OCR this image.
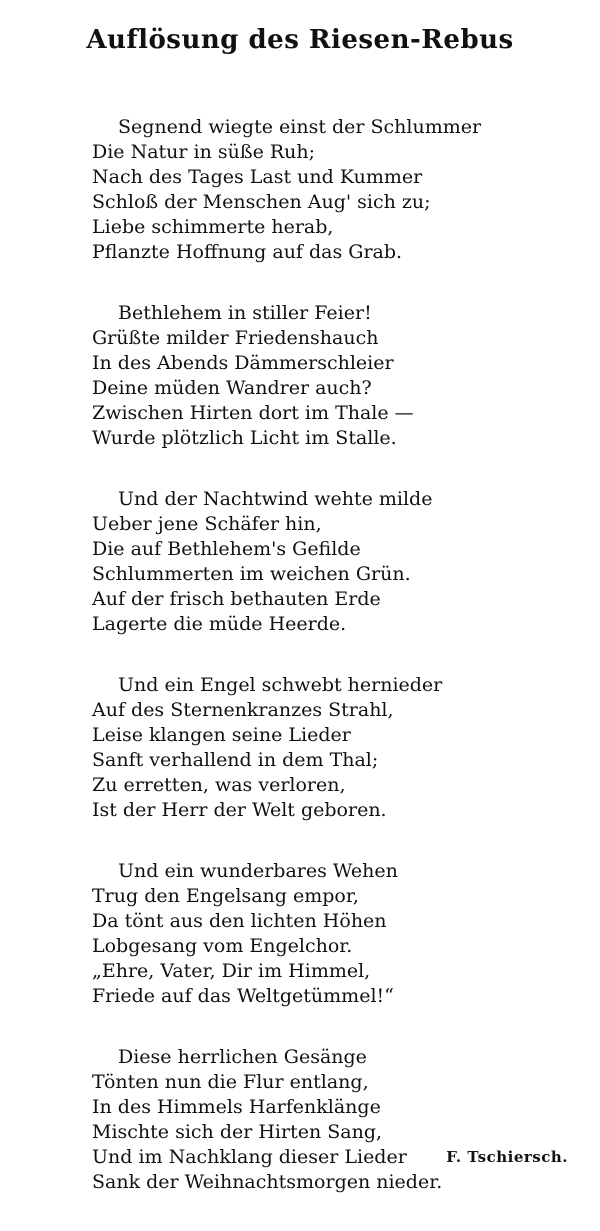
Auflösung des Riesen-Rebus
Segnend wiegte einst der Schlummer
Die Natur in süße Ruh;
Nach des Tages Last und Kummer
Schloß der Menschen Aug' sich zu;
Liebe schimmerte herab,
Pflanzte Hoffnung auf das Grab.
Bethlehem in stiller Feier!
Grüßte milder Friedenshauch
In des Abends Dämmerschleier
Deine müden Wandrer auch?
Zwischen Hirten dort im Thale —
Wurde plötzlich Licht im Stalle.
Und der Nachtwind wehte milde
Ueber jene Schäfer hin,
Die auf Bethlehem's Gefilde
Schlummerten im weichen Grün.
Auf der frisch bethauten Erde
Lagerte die müde Heerde.
Und ein Engel schwebt hernieder
Auf des Sternenkranzes Strahl,
Leise klangen seine Lieder
Sanft verhallend in dem Thal;
Zu erretten, was verloren,
Ist der Herr der Welt geboren.
Und ein wunderbares Wehen
Trug den Engelsang empor,
Da tönt aus den lichten Höhen
Lobgesang vom Engelchor.
„Ehre, Vater, Dir im Himmel,
Friede auf das Weltgetümmel!“
Diese herrlichen Gesänge
Tönten nun die Flur entlang,
In des Himmels Harfenklänge
Mischte sich der Hirten Sang,
Und im Nachklang dieser Lieder
Sank der Weihnachtsmorgen nieder.
F. Tschiersch.
